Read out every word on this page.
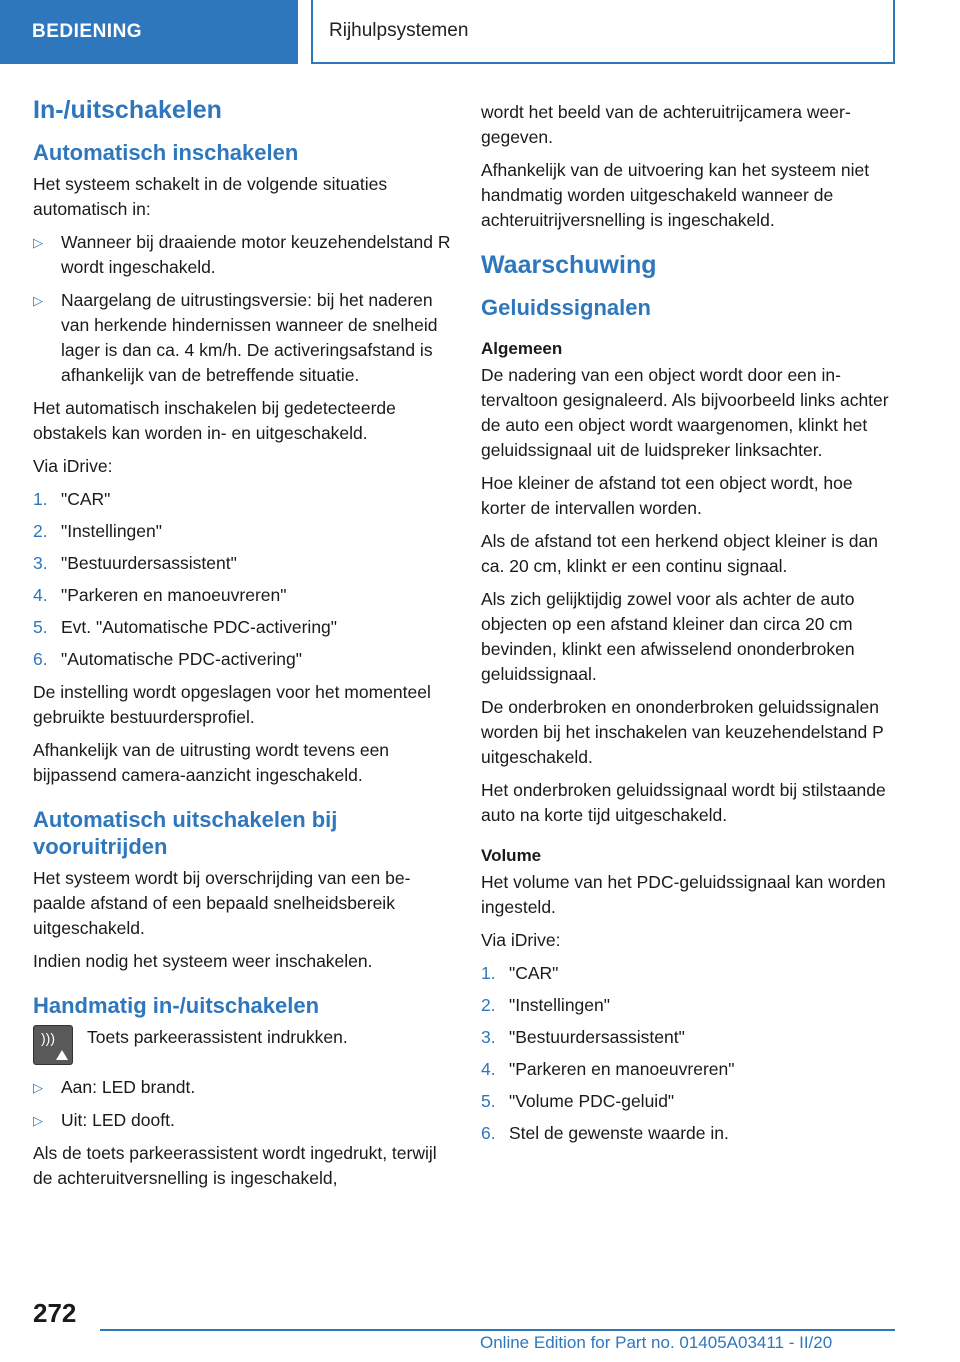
BEDIENING	Rijhulpsystemen
In-/uitschakelen
Automatisch inschakelen

Het systeem schakelt in de volgende situaties automatisch in:

▷ Wanneer bij draaiende motor keuzehendelstand R wordt ingeschakeld.
▷ Naargelang de uitrustingsversie: bij het naderen van herkende hindernissen wanneer de snelheid lager is dan ca. 4 km/h. De activeringsafstand is afhankelijk van de betreffende situatie.

Het automatisch inschakelen bij gedetecteerde obstakels kan worden in- en uitgeschakeld.

Via iDrive:

1. "CAR"
2. "Instellingen"
3. "Bestuurdersassistent"
4. "Parkeren en manoeuvreren"
5. Evt. "Automatische PDC-activering"
6. "Automatische PDC-activering"

De instelling wordt opgeslagen voor het momenteel gebruikte bestuurdersprofiel.

Afhankelijk van de uitrusting wordt tevens een bijpassend camera-aanzicht ingeschakeld.

Automatisch uitschakelen bij vooruitrijden

Het systeem wordt bij overschrijding van een bepaalde afstand of een bepaald snelheidsbereik uitgeschakeld.

Indien nodig het systeem weer inschakelen.

Handmatig in-/uitschakelen
))) Toets parkeerassistent indrukken.

▷ Aan: LED brandt.
▷ Uit: LED dooft.

Als de toets parkeerassistent wordt ingedrukt, terwijl de achteruitversnelling is ingeschakeld,

wordt het beeld van de achteruitrijcamera weergegeven.

Afhankelijk van de uitvoering kan het systeem niet handmatig worden uitgeschakeld wanneer de achteruitrijversnelling is ingeschakeld.

Waarschuwing
Geluidssignalen
Algemeen

De nadering van een object wordt door een intervaltoon gesignaleerd. Als bijvoorbeeld links achter de auto een object wordt waargenomen, klinkt het geluidssignaal uit de luidspreker linksachter.

Hoe kleiner de afstand tot een object wordt, hoe korter de intervallen worden.

Als de afstand tot een herkend object kleiner is dan ca. 20 cm, klinkt er een continu signaal.

Als zich gelijktijdig zowel voor als achter de auto objecten op een afstand kleiner dan circa 20 cm bevinden, klinkt een afwisselend ononderbroken geluidssignaal.

De onderbroken en ononderbroken geluidssignalen worden bij het inschakelen van keuzehendelstand P uitgeschakeld.

Het onderbroken geluidssignaal wordt bij stilstaande auto na korte tijd uitgeschakeld.

Volume

Het volume van het PDC-geluidssignaal kan worden ingesteld.

Via iDrive:

1. "CAR"
2. "Instellingen"
3. "Bestuurdersassistent"
4. "Parkeren en manoeuvreren"
5. "Volume PDC-geluid"
6. Stel de gewenste waarde in.
272
Online Edition for Part no. 01405A03411 - II/20
